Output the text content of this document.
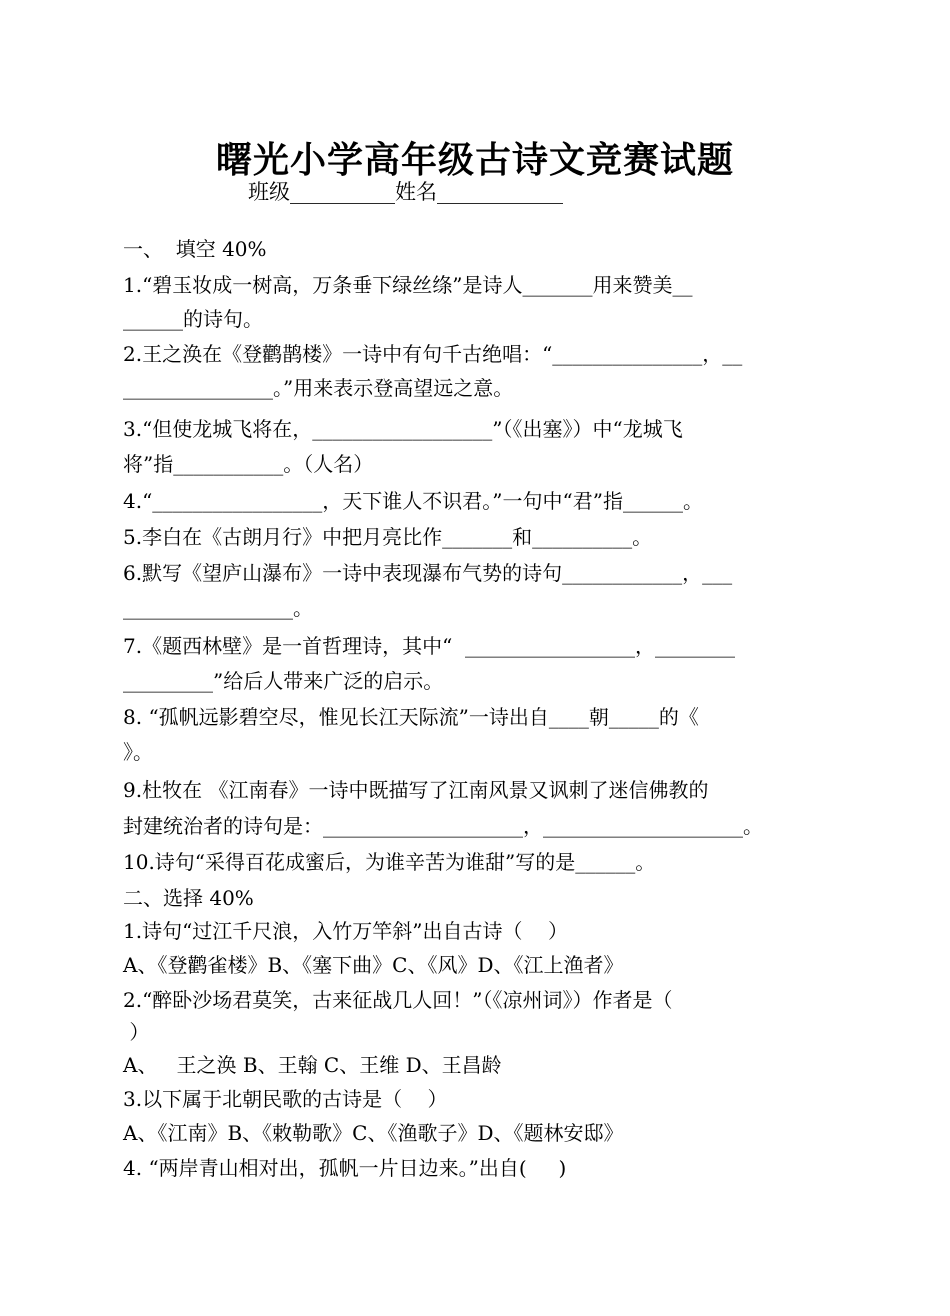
曙光小学高年级古诗文竞赛试题
班级__________姓名____________
一、  填空 40%
1.“碧玉妆成一树高，万条垂下绿丝绦”是诗人_______用来赞美__
______的诗句。
2.王之涣在《登鹳鹊楼》一诗中有句千古绝唱：“_______________，__
_______________。”用来表示登高望远之意。
3.“但使龙城飞将在，__________________”（《出塞》）中“龙城飞
将”指___________。（人名）
4.“_________________，天下谁人不识君。”一句中“君”指______。
5.李白在《古朗月行》中把月亮比作_______和__________。
6.默写《望庐山瀑布》一诗中表现瀑布气势的诗句____________，___
_________________。
7.《题西林壁》是一首哲理诗，其中“  _________________，________
_________”给后人带来广泛的启示。
8. “孤帆远影碧空尽，惟见长江天际流”一诗出自____朝_____的《
》。
9.杜牧在 《江南春》一诗中既描写了江南风景又讽刺了迷信佛教的
封建统治者的诗句是：____________________，____________________。
10.诗句“采得百花成蜜后，为谁辛苦为谁甜”写的是______。
二、选择 40%
1.诗句“过江千尺浪，入竹万竿斜”出自古诗（    ）
A、《登鹳雀楼》B、《塞下曲》C、《风》D、《江上渔者》
2.“醉卧沙场君莫笑，古来征战几人回！”（《凉州词》）作者是（
）
A、   王之涣 B、王翰 C、王维 D、王昌龄
3.以下属于北朝民歌的古诗是（    ）
A、《江南》B、《敕勒歌》C、《渔歌子》D、《题林安邸》
4. “两岸青山相对出，孤帆一片日边来。”出自(     )
